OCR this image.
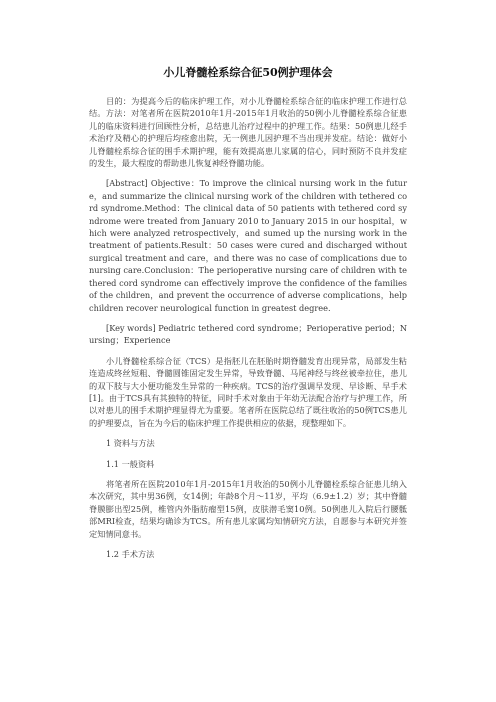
小儿脊髓栓系综合征50例护理体会

目的：为提高今后的临床护理工作，对小儿脊髓栓系综合征的临床护理工作进行总结。方法：对笔者所在医院2010年1月-2015年1月收治的50例小儿脊髓栓系综合征患儿的临床资料进行回顾性分析，总结患儿治疗过程中的护理工作。结果：50例患儿经手术治疗及精心的护理后均痊愈出院，无一例患儿因护理不当出现并发症。结论：做好小儿脊髓栓系综合征的围手术期护理，能有效提高患儿家属的信心，同时预防不良并发症的发生，最大程度的帮助患儿恢复神经脊髓功能。

[Abstract] Objective：To improve the clinical nursing work in the future，and summarize the clinical nursing work of the children with tethered cord syndrome.Method：The clinical data of 50 patients with tethered cord syndrome were treated from January 2010 to January 2015 in our hospital，which were analyzed retrospectively，and sumed up the nursing work in the treatment of patients.Result：50 cases were cured and discharged without surgical treatment and care，and there was no case of complications due to nursing care.Conclusion：The perioperative nursing care of children with tethered cord syndrome can effectively improve the confidence of the families of the children，and prevent the occurrence of adverse complications，help children recover neurological function in greatest degree.

[Key words] Pediatric tethered cord syndrome；Perioperative period；Nursing；Experience

小儿脊髓栓系综合征（TCS）是指胚儿在胚胎时期脊髓发育出现异常，局部发生粘连造成终丝短粗、脊髓圆锥固定发生异常，导致脊髓、马尾神经与终丝被牵拉住，患儿的双下肢与大小便功能发生异常的一种疾病。TCS的治疗强调早发现、早诊断、早手术[1]。由于TCS具有其独特的特征，同时手术对象由于年幼无法配合治疗与护理工作，所以对患儿的围手术期护理显得尤为重要。笔者所在医院总结了既往收治的50例TCS患儿的护理要点，旨在为今后的临床护理工作提供相应的依据，现整理如下。

1 资料与方法

1.1 一般资料

将笔者所在医院2010年1月-2015年1月收治的50例小儿脊髓栓系综合征患儿纳入本次研究，其中男36例，女14例；年龄8个月～11岁，平均（6.9±1.2）岁；其中脊髓脊膜膨出型25例，椎管内外脂肪瘤型15例，皮肤潜毛窦10例。50例患儿入院后行腰骶部MRI检查，结果均确诊为TCS。所有患儿家属均知情研究方法，自愿参与本研究并签定知情同意书。

1.2 手术方法
